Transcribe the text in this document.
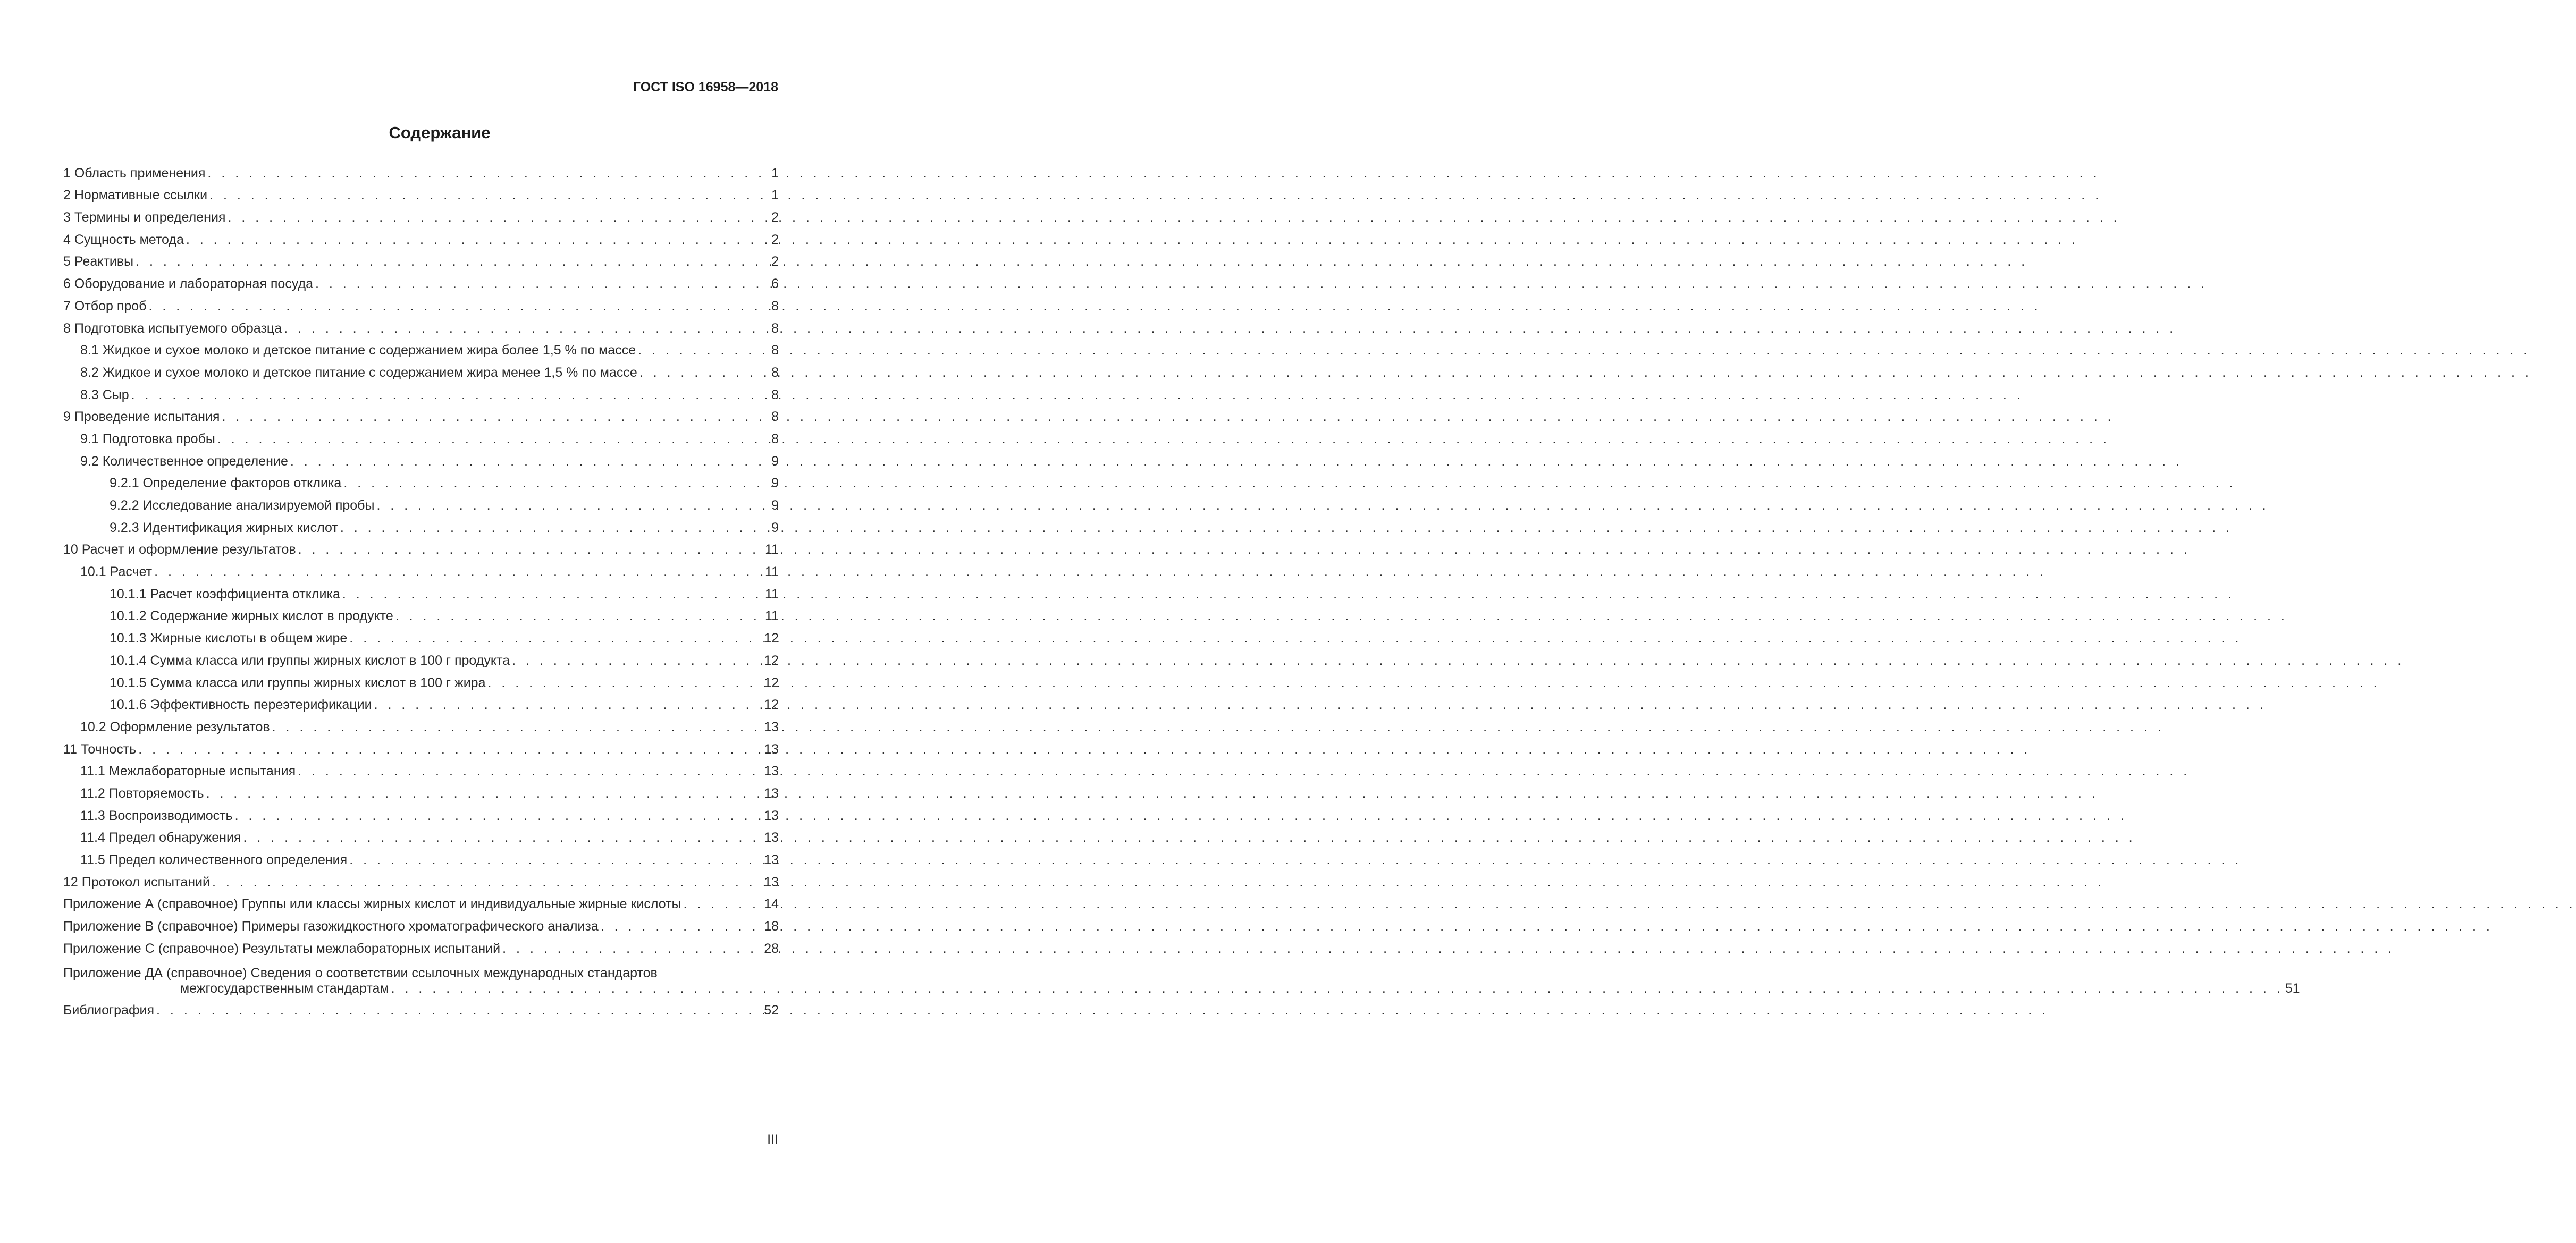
ГОСТ ISO 16958—2018
Содержание
1 Область применения . . .	1
2 Нормативные ссылки . . .	1
3 Термины и определения . . .	2
4 Сущность метода . . .	2
5 Реактивы . . .	2
6 Оборудование и лабораторная посуда . . .	6
7 Отбор проб . . .	8
8 Подготовка испытуемого образца . . .	8
8.1 Жидкое и сухое молоко и детское питание с содержанием жира более 1,5 % по массе . . .	8
8.2 Жидкое и сухое молоко и детское питание с содержанием жира менее 1,5 % по массе . . .	8
8.3 Сыр . . .	8
9 Проведение испытания . . .	8
9.1 Подготовка пробы . . .	8
9.2 Количественное определение . . .	9
9.2.1 Определение факторов отклика . . .	9
9.2.2 Исследование анализируемой пробы . . .	9
9.2.3 Идентификация жирных кислот . . .	9
10 Расчет и оформление результатов . . .	11
10.1 Расчет . . .	11
10.1.1 Расчет коэффициента отклика . . .	11
10.1.2 Содержание жирных кислот в продукте . . .	11
10.1.3 Жирные кислоты в общем жире . . .	12
10.1.4 Сумма класса или группы жирных кислот в 100 г продукта . . .	12
10.1.5 Сумма класса или группы жирных кислот в 100 г жира . . .	12
10.1.6 Эффективность переэтерификации . . .	12
10.2 Оформление результатов . . .	13
11 Точность . . .	13
11.1 Межлабораторные испытания . . .	13
11.2 Повторяемость . . .	13
11.3 Воспроизводимость . . .	13
11.4 Предел обнаружения . . .	13
11.5 Предел количественного определения . . .	13
12 Протокол испытаний . . .	13
Приложение А (справочное) Группы или классы жирных кислот и индивидуальные жирные кислоты . . .	14
Приложение В (справочное) Примеры газожидкостного хроматографического анализа . . .	18
Приложение С (справочное) Результаты межлабораторных испытаний . . .	28
Приложение ДА (справочное) Сведения о соответствии ссылочных международных стандартов
межгосударственным стандартам . . .	51
Библиография . . .	52
III
